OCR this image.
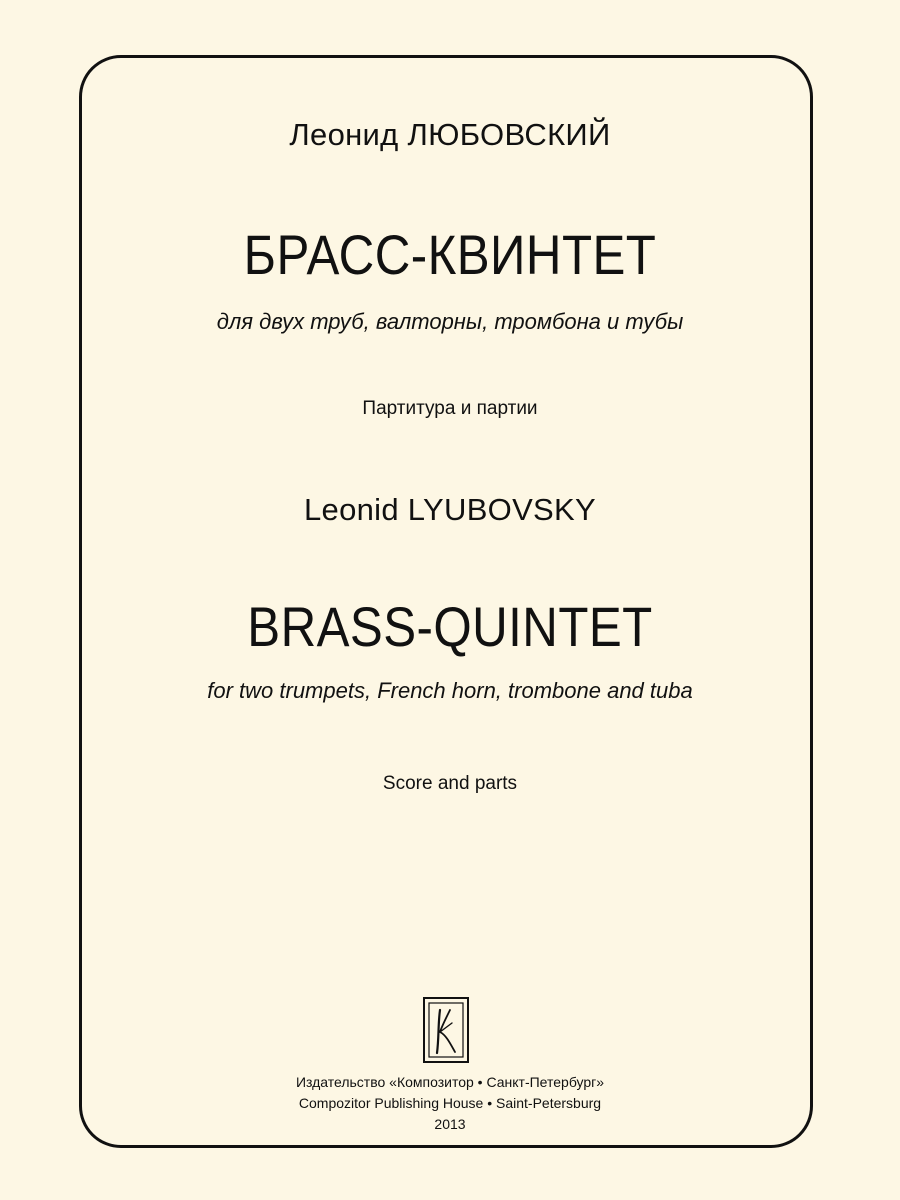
Леонид ЛЮБОВСКИЙ
БРАСС-КВИНТЕТ
для двух труб, валторны, тромбона и тубы
Партитура и партии
Leonid LYUBOVSKY
BRASS-QUINTET
for two trumpets, French horn, trombone and tuba
Score and parts
Издательство «Композитор • Санкт-Петербург»
Compozitor Publishing House • Saint-Petersburg
2013
